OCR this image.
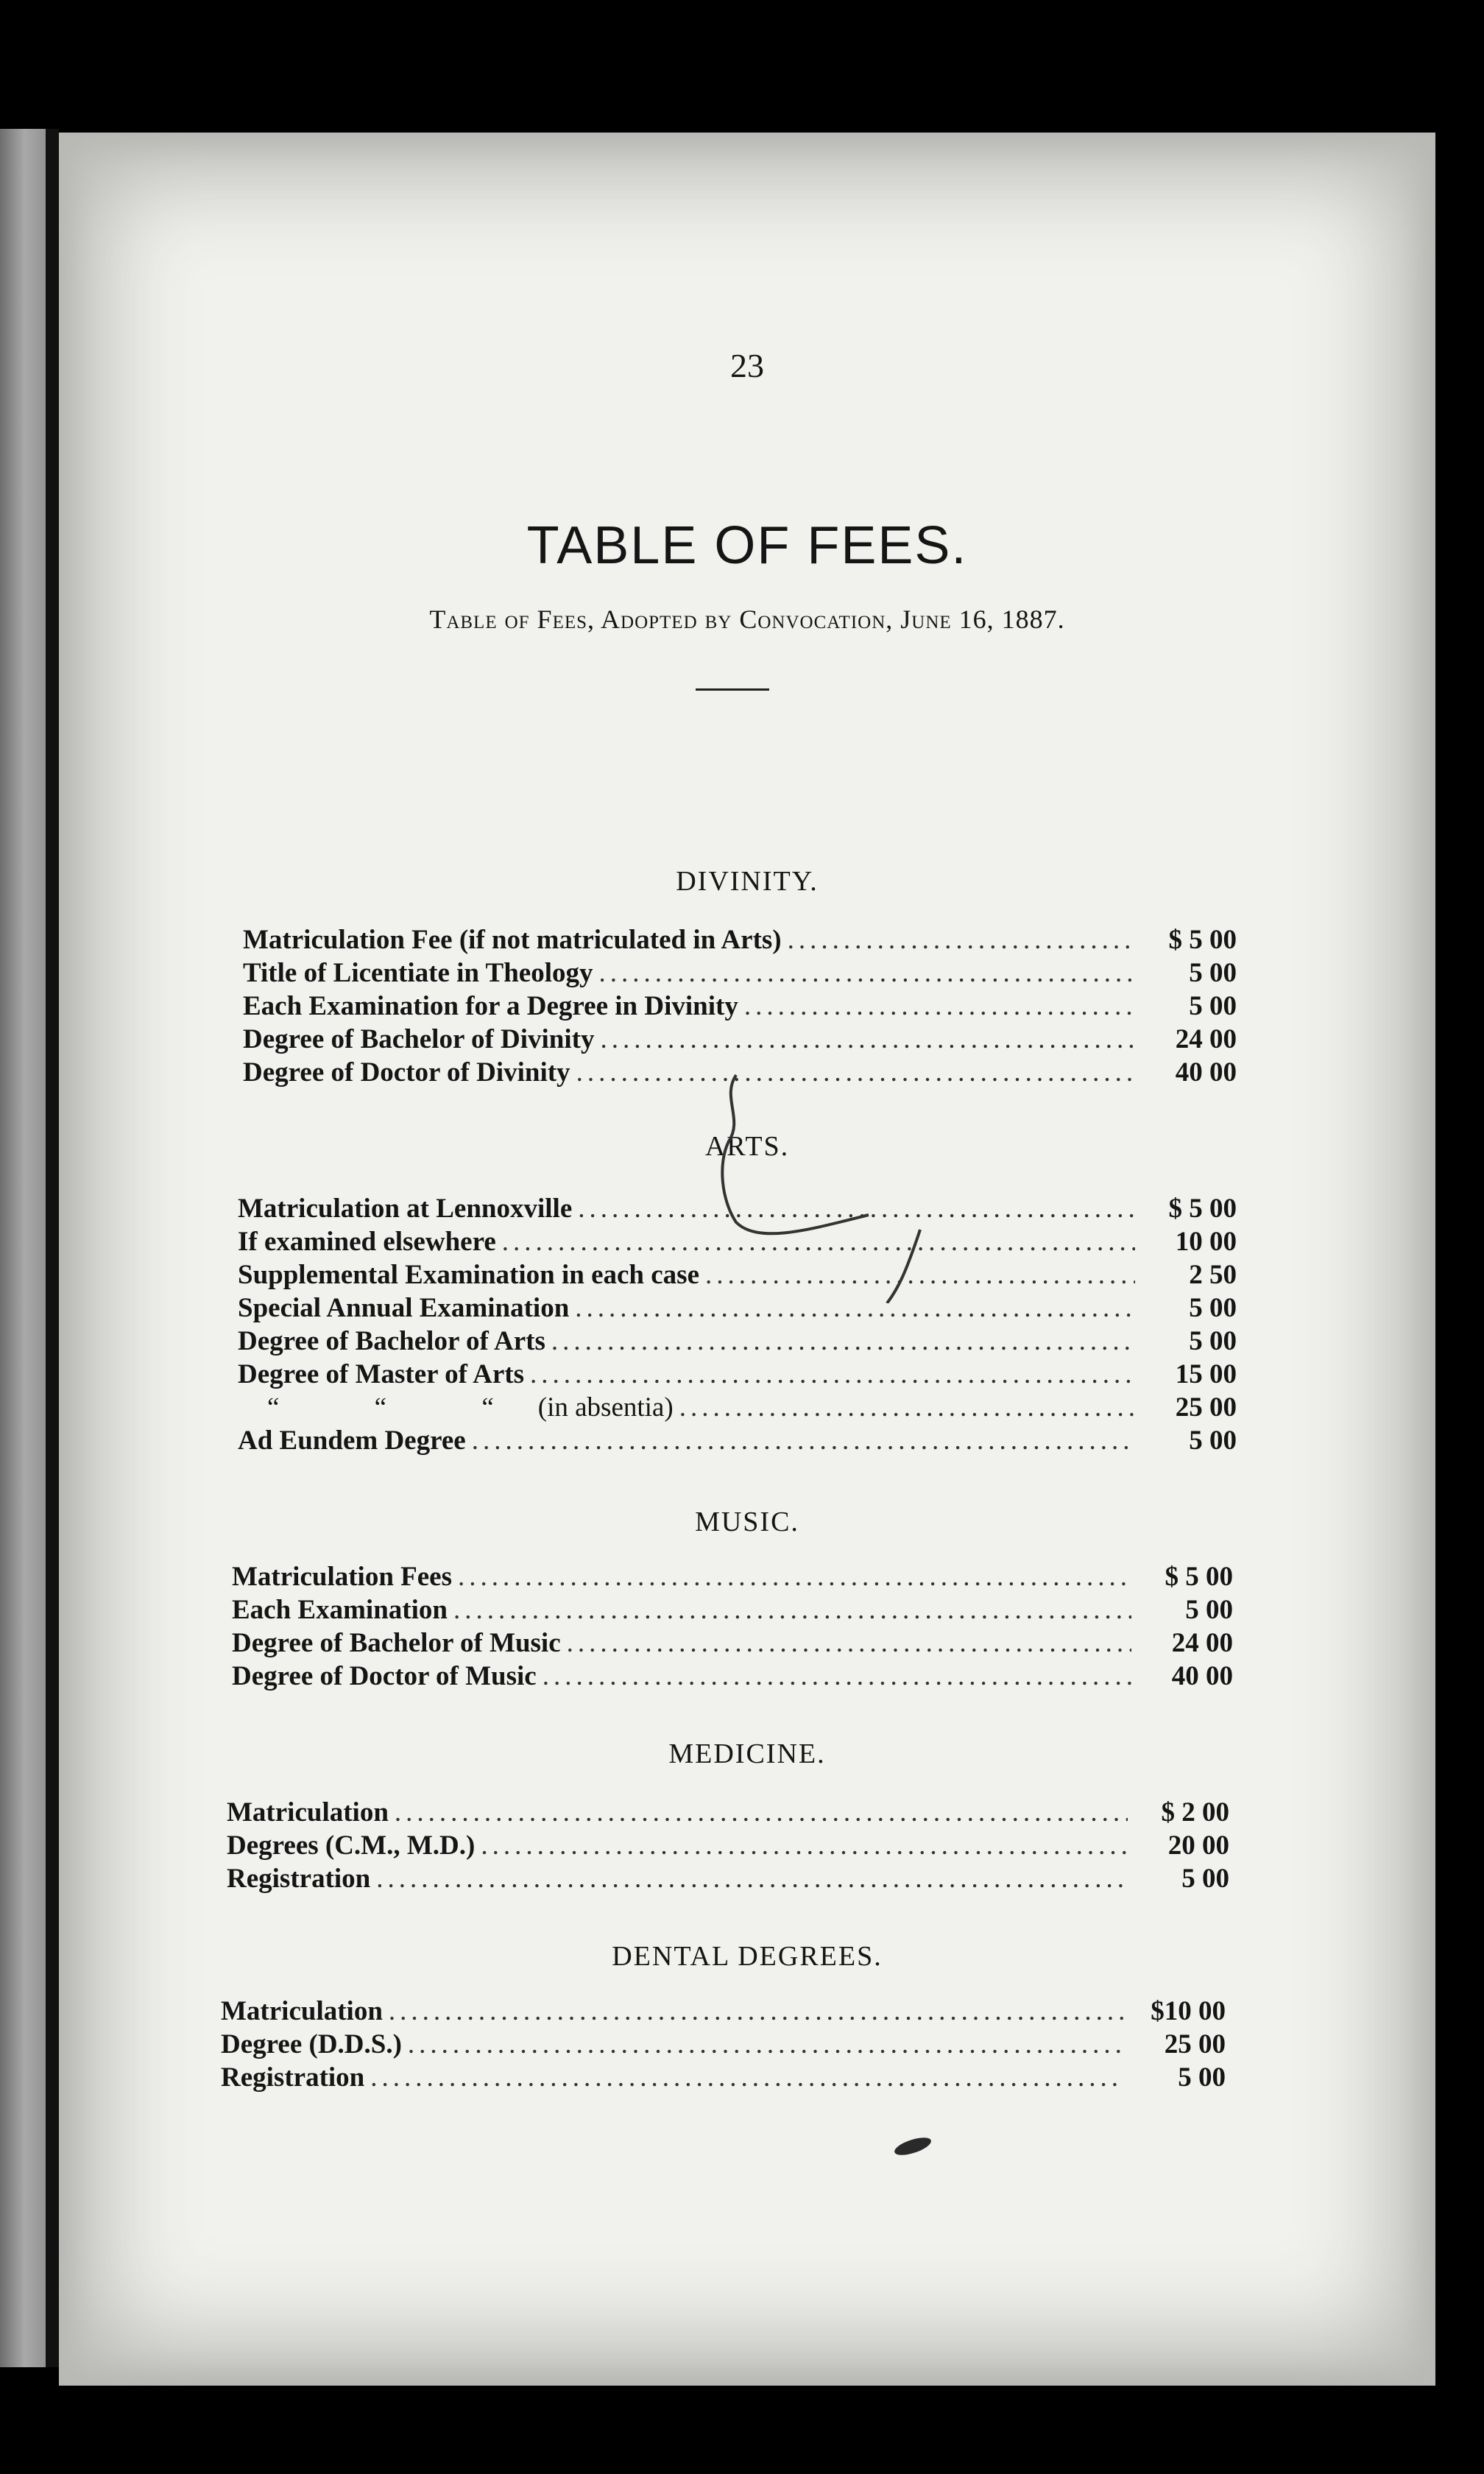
23
TABLE OF FEES.
Table of Fees, Adopted by Convocation, June 16, 1887.
DIVINITY.
Matriculation Fee (if not matriculated in Arts) .....	$ 5 00
Title of Licentiate in Theology .....	5 00
Each Examination for a Degree in Divinity .....	5 00
Degree of Bachelor of Divinity .....	24 00
Degree of Doctor of Divinity .....	40 00
ARTS.
Matriculation at Lennoxville .....	$ 5 00
If examined elsewhere .....	10 00
Supplemental Examination in each case .....	2 50
Special Annual Examination .....	5 00
Degree of Bachelor of Arts .....	5 00
Degree of Master of Arts .....	15 00
“ “ “ (in absentia) .....	25 00
Ad Eundem Degree .....	5 00
MUSIC.
Matriculation Fees .....	$ 5 00
Each Examination .....	5 00
Degree of Bachelor of Music .....	24 00
Degree of Doctor of Music .....	40 00
MEDICINE.
Matriculation .....	$ 2 00
Degrees (C.M., M.D.) .....	20 00
Registration .....	5 00
DENTAL DEGREES.
Matriculation .....	$10 00
Degree (D.D.S.) .....	25 00
Registration .....	5 00
